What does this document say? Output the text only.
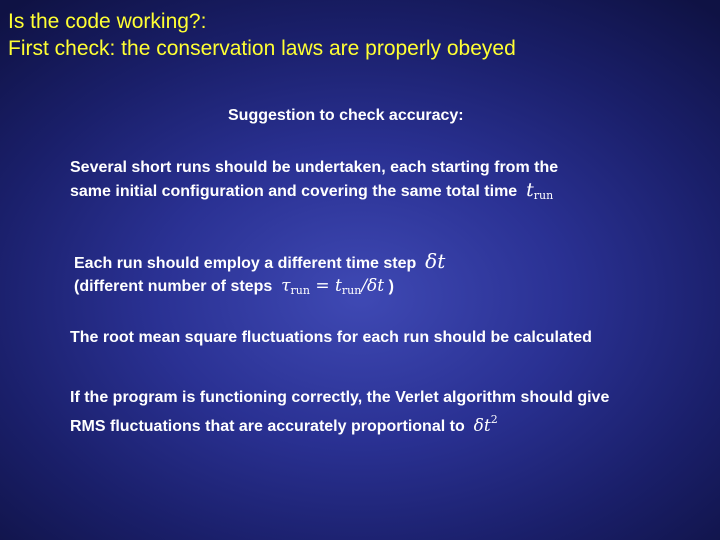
Is the code working?:
First check: the conservation laws are properly obeyed
Suggestion to check accuracy:
Several short runs should be undertaken, each starting from the
same initial configuration and covering the same total time $t_{run}$
Each run should employ a different time step δt
(different number of steps $\tau_{run} = t_{run}/\delta t$ )
The root mean square fluctuations for each run should be calculated
If the program is functioning correctly, the Verlet algorithm should give
RMS fluctuations that are accurately proportional to $\delta t^2$
